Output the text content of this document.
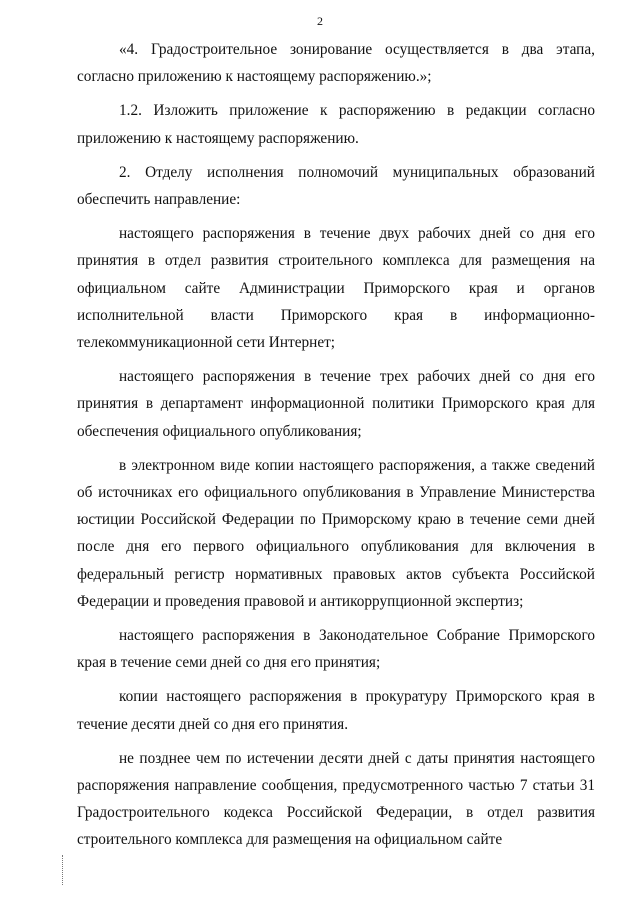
2

«4. Градостроительное зонирование осуществляется в два этапа, согласно приложению к настоящему распоряжению.»;

1.2. Изложить приложение к распоряжению в редакции согласно приложению к настоящему распоряжению.

2. Отделу исполнения полномочий муниципальных образований обеспечить направление:

настоящего распоряжения в течение двух рабочих дней со дня его принятия в отдел развития строительного комплекса для размещения на официальном сайте Администрации Приморского края и органов исполнительной власти Приморского края в информационно-телекоммуникационной сети Интернет;

настоящего распоряжения в течение трех рабочих дней со дня его принятия в департамент информационной политики Приморского края для обеспечения официального опубликования;

в электронном виде копии настоящего распоряжения, а также сведений об источниках его официального опубликования в Управление Министерства юстиции Российской Федерации по Приморскому краю в течение семи дней после дня его первого официального опубликования для включения в федеральный регистр нормативных правовых актов субъекта Российской Федерации и проведения правовой и антикоррупционной экспертиз;

настоящего распоряжения в Законодательное Собрание Приморского края в течение семи дней со дня его принятия;

копии настоящего распоряжения в прокуратуру Приморского края в течение десяти дней со дня его принятия.

не позднее чем по истечении десяти дней с даты принятия настоящего распоряжения направление сообщения, предусмотренного частью 7 статьи 31 Градостроительного кодекса Российской Федерации, в отдел развития строительного комплекса для размещения на официальном сайте
